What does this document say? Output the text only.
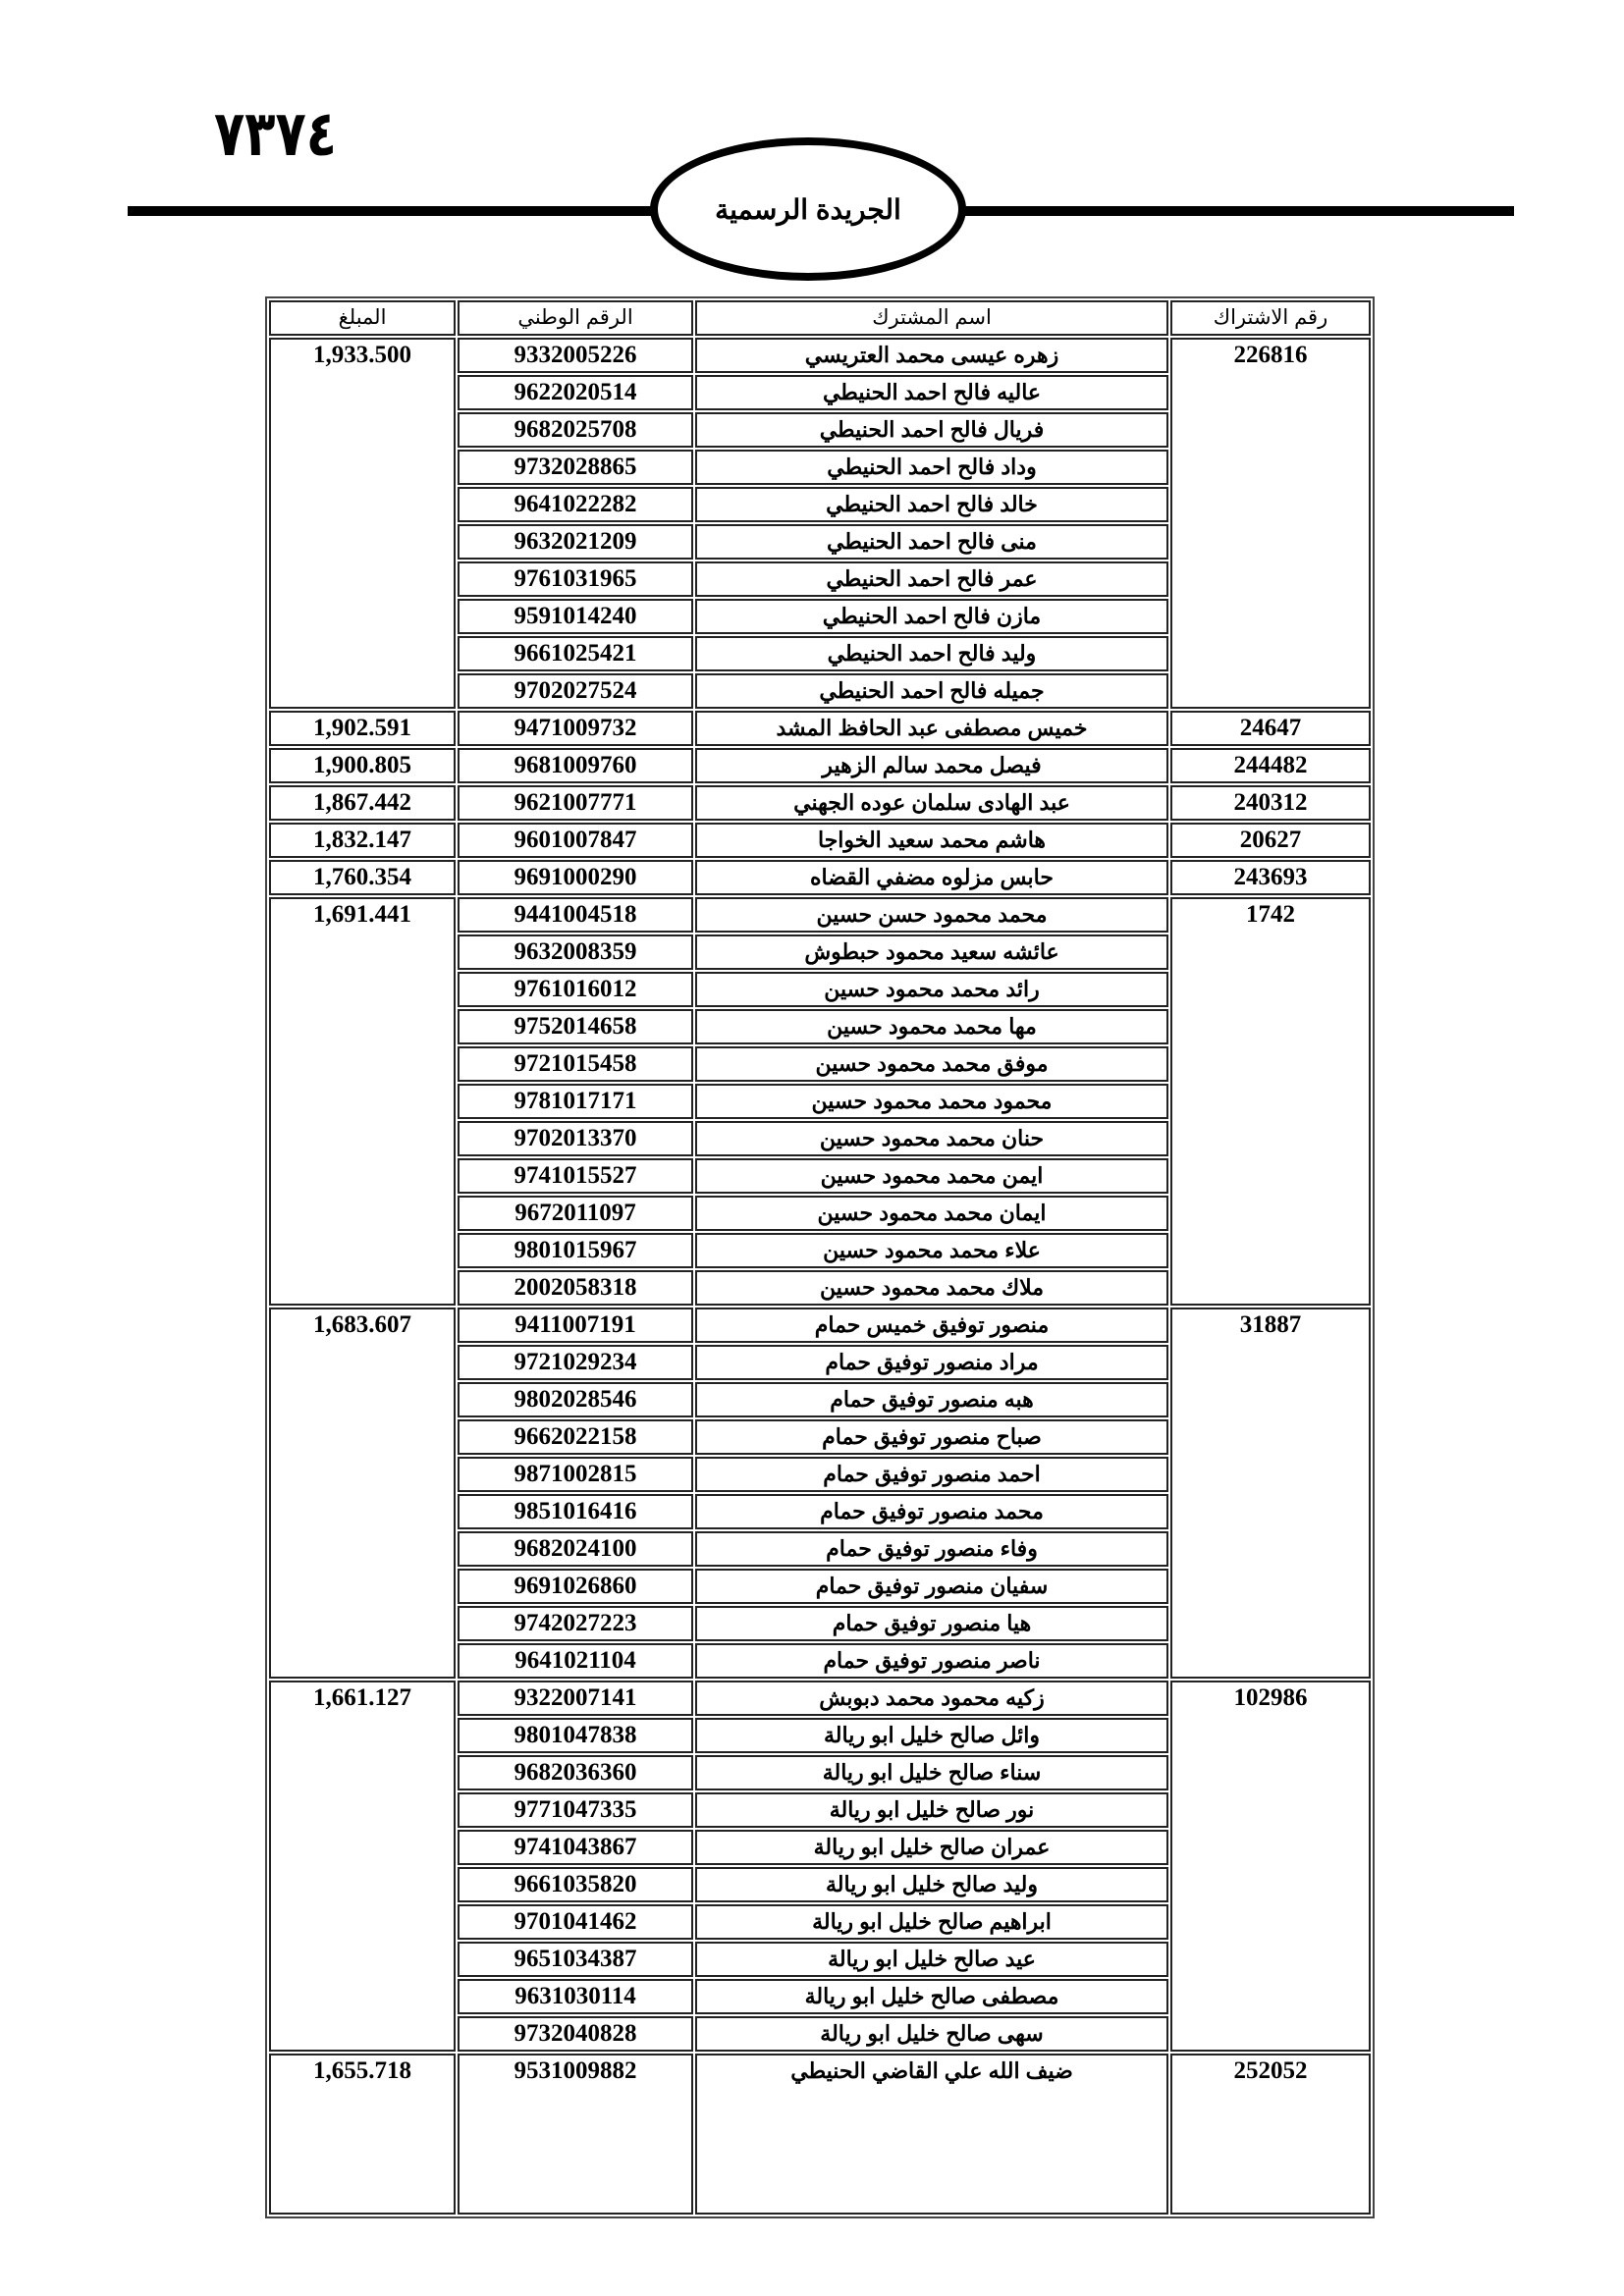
٧٣٧٤
الجريدة الرسمية
رقم الاشتراك	اسم المشترك	الرقم الوطني	المبلغ
226816	زهره عيسى محمد العتريسي	9332005226	1,933.500
	عاليه فالح احمد الحنيطي	9622020514	
	فريال فالح احمد الحنيطي	9682025708	
	وداد فالح احمد الحنيطي	9732028865	
	خالد فالح احمد الحنيطي	9641022282	
	منى فالح احمد الحنيطي	9632021209	
	عمر فالح احمد الحنيطي	9761031965	
	مازن فالح احمد الحنيطي	9591014240	
	وليد فالح احمد الحنيطي	9661025421	
	جميله فالح احمد الحنيطي	9702027524	
24647	خميس مصطفى عبد الحافظ المشد	9471009732	1,902.591
244482	فيصل محمد سالم الزهير	9681009760	1,900.805
240312	عبد الهادى سلمان عوده الجهني	9621007771	1,867.442
20627	هاشم محمد سعيد الخواجا	9601007847	1,832.147
243693	حابس مزلوه مضفي القضاه	9691000290	1,760.354
1742	محمد محمود حسن حسين	9441004518	1,691.441
	عائشه سعيد محمود حبطوش	9632008359	
	رائد محمد محمود حسين	9761016012	
	مها محمد محمود حسين	9752014658	
	موفق محمد محمود حسين	9721015458	
	محمود محمد محمود حسين	9781017171	
	حنان محمد محمود حسين	9702013370	
	ايمن محمد محمود حسين	9741015527	
	ايمان محمد محمود حسين	9672011097	
	علاء محمد محمود حسين	9801015967	
	ملاك محمد محمود حسين	2002058318	
31887	منصور توفيق خميس حمام	9411007191	1,683.607
	مراد منصور توفيق حمام	9721029234	
	هبه منصور توفيق حمام	9802028546	
	صباح منصور توفيق حمام	9662022158	
	احمد منصور توفيق حمام	9871002815	
	محمد منصور توفيق حمام	9851016416	
	وفاء منصور توفيق حمام	9682024100	
	سفيان منصور توفيق حمام	9691026860	
	هيا منصور توفيق حمام	9742027223	
	ناصر منصور توفيق حمام	9641021104	
102986	زكيه محمود محمد دبوبش	9322007141	1,661.127
	وائل صالح خليل ابو ريالة	9801047838	
	سناء صالح خليل ابو ريالة	9682036360	
	نور صالح خليل ابو ريالة	9771047335	
	عمران صالح خليل ابو ريالة	9741043867	
	وليد صالح خليل ابو ريالة	9661035820	
	ابراهيم صالح خليل ابو ريالة	9701041462	
	عيد صالح خليل ابو ريالة	9651034387	
	مصطفى صالح خليل ابو ريالة	9631030114	
	سهى صالح خليل ابو ريالة	9732040828	
252052	ضيف الله علي القاضي الحنيطي	9531009882	1,655.718
